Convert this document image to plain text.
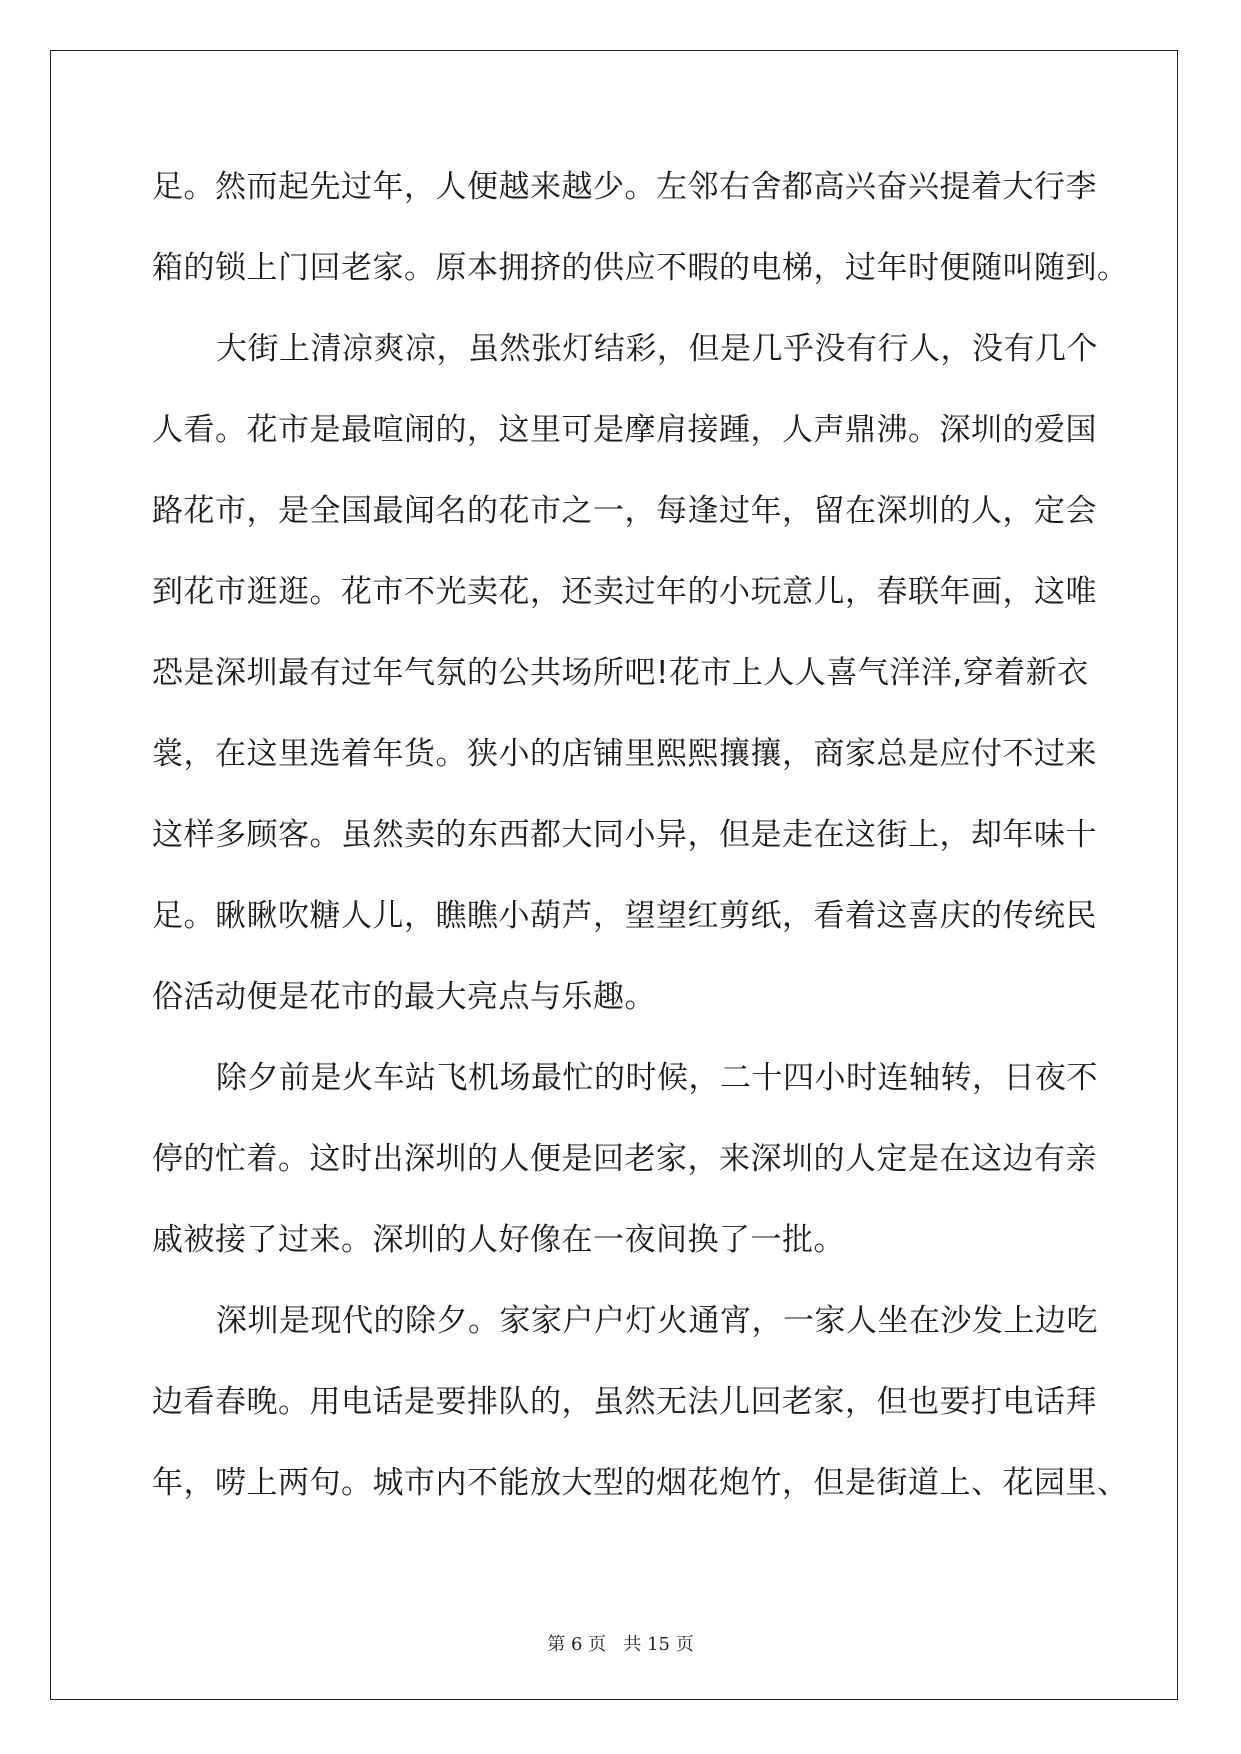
足。然而起先过年，人便越来越少。左邻右舍都高兴奋兴提着大行李
箱的锁上门回老家。原本拥挤的供应不暇的电梯，过年时便随叫随到。
大街上清凉爽凉，虽然张灯结彩，但是几乎没有行人，没有几个
人看。花市是最喧闹的，这里可是摩肩接踵，人声鼎沸。深圳的爱国
路花市，是全国最闻名的花市之一，每逢过年，留在深圳的人，定会
到花市逛逛。花市不光卖花，还卖过年的小玩意儿，春联年画，这唯
恐是深圳最有过年气氛的公共场所吧!花市上人人喜气洋洋,穿着新衣
裳，在这里选着年货。狭小的店铺里熙熙攘攘，商家总是应付不过来
这样多顾客。虽然卖的东西都大同小异，但是走在这街上，却年味十
足。瞅瞅吹糖人儿，瞧瞧小葫芦，望望红剪纸，看着这喜庆的传统民
俗活动便是花市的最大亮点与乐趣。
除夕前是火车站飞机场最忙的时候，二十四小时连轴转，日夜不
停的忙着。这时出深圳的人便是回老家，来深圳的人定是在这边有亲
戚被接了过来。深圳的人好像在一夜间换了一批。
深圳是现代的除夕。家家户户灯火通宵，一家人坐在沙发上边吃
边看春晚。用电话是要排队的，虽然无法儿回老家，但也要打电话拜
年，唠上两句。城市内不能放大型的烟花炮竹，但是街道上、花园里、
第 6 页   共 15 页
